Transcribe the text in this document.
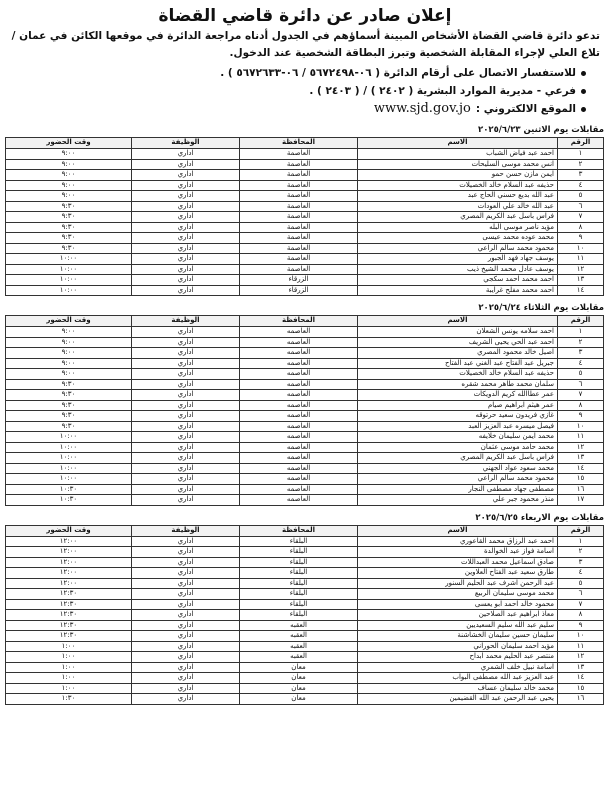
إعلان صادر عن دائرة قاضي القضاة
تدعو دائرة قاضي القضاة الأشخاص المبينة أسماؤهم في الجدول أدناه مراجعة الدائرة في موقعها الكائن في عمان / تلاع العلي لإجراء المقابلة الشخصية وتبرز البطاقة الشخصية عند الدخول.
للاستفسار الاتصال على أرقام الدائرة ( ٠٦-٥٦٧٢٤٩٨ / ٠٦-٥٦٧٢٦٣٣ ) .
فرعي - مديرية الموارد البشرية ( ٢٤٠٢ ) / ( ٢٤٠٣ ) .
الموقع الالكتروني :
www.sjd.gov.jo
مقابلات يوم الاثنين ٢٠٢٥/٦/٢٣
الرقم	الاسم	المحافظة	الوظيفة	وقت الحضور
١	احمد عبد فياض الشباب	العاصمة	اداري	٩:٠٠
٢	انس محمد موسى السليحات	العاصمة	اداري	٩:٠٠
٣	ايمن مازن حسن حمو	العاصمة	اداري	٩:٠٠
٤	حذيفه عبد السلام خالد الخصيلات	العاصمة	اداري	٩:٠٠
٥	عبد الله بديع حسني الحاج عبد	العاصمة	اداري	٩:٠٠
٦	عبد الله خالد علي العودات	العاصمة	اداري	٩:٣٠
٧	فراس باسل عبد الكريم المصري	العاصمة	اداري	٩:٣٠
٨	مؤيد ناصر موسى البله	العاصمة	اداري	٩:٣٠
٩	محمد عوده محمد عيسى	العاصمة	اداري	٩:٣٠
١٠	محمود محمد سالم الراعي	العاصمة	اداري	٩:٣٠
١١	يوسف جهاد فهد الجبور	العاصمة	اداري	١٠:٠٠
١٢	يوسف عادل محمد الشيخ ذيب	العاصمة	اداري	١٠:٠٠
١٣	احمد محمد احمد سكجي	الزرقاء	اداري	١٠:٠٠
١٤	احمد محمد مفلح غرايبة	الزرقاء	اداري	١٠:٠٠
مقابلات يوم الثلاثاء ٢٠٢٥/٦/٢٤
الرقم	الاسم	المحافظة	الوظيفة	وقت الحضور
١	احمد سلامه يونس الشعلان	العاصمه	اداري	٩:٠٠
٢	احمد عبد الحي يحيى الشريف	العاصمه	اداري	٩:٠٠
٣	اصيل خالد محمود المصري	العاصمه	اداري	٩:٠٠
٤	جبريل عبد الفتاح عبد الغني عبد الفتاح	العاصمه	اداري	٩:٠٠
٥	حذيفه عبد السلام خالد الخصيلات	العاصمه	اداري	٩:٠٠
٦	سلمان محمد طاهر محمد شقره	العاصمه	اداري	٩:٣٠
٧	عمر عطاالله كريم الدويكات	العاصمه	اداري	٩:٣٠
٨	عمر هيثم ابراهيم صيام	العاصمه	اداري	٩:٣٠
٩	غازي فريدون سعيد حرتوقه	العاصمه	اداري	٩:٣٠
١٠	فيصل ميسره عبد العزيز العبد	العاصمه	اداري	٩:٣٠
١١	محمد ايمن سليمان خلايفه	العاصمه	اداري	١٠:٠٠
١٢	محمد حامد موسى عثمان	العاصمه	اداري	١٠:٠٠
١٣	فراس باسل عبد الكريم المصري	العاصمه	اداري	١٠:٠٠
١٤	محمد سعود عواد الجهني	العاصمه	اداري	١٠:٠٠
١٥	محمود محمد سالم الراعي	العاصمه	اداري	١٠:٠٠
١٦	مصطفى جهاد مصطفى النجار	العاصمه	اداري	١٠:٣٠
١٧	منذر محمود جبر علي	العاصمه	اداري	١٠:٣٠
مقابلات يوم الاربعاء ٢٠٢٥/٦/٢٥
الرقم	الاسم	المحافظة	الوظيفة	وقت الحضور
١	احمد عبد الرزاق محمد القاعوري	البلقاء	اداري	١٢:٠٠
٢	اسامة فواز عبد الخوالدة	البلقاء	اداري	١٢:٠٠
٣	صادق اسماعيل محمد العبداللات	البلقاء	اداري	١٢:٠٠
٤	طارق سعيد عبد الفتاح العلاوين	البلقاء	اداري	١٢:٠٠
٥	عبد الرحمن اشرف عبد الحليم السنور	البلقاء	اداري	١٢:٠٠
٦	محمد موسى سليمان الربيع	البلقاء	اداري	١٢:٣٠
٧	محمود خالد احمد ابو يعسى	البلقاء	اداري	١٢:٣٠
٨	معاذ ابراهيم عبد الصلاحين	البلقاء	اداري	١٢:٣٠
٩	سليم عبد الله سليم السعيديين	العقبه	اداري	١٢:٣٠
١٠	سليمان حسين سليمان الخشاشنة	العقبه	اداري	١٢:٣٠
١١	مؤيد احمد سليمان الحوراني	العقبه	اداري	١:٠٠
١٢	منتصر عبد الحليم محمد ابداح	العقبه	اداري	١:٠٠
١٣	اسامة نبيل خلف الشمري	معان	اداري	١:٠٠
١٤	عبد العزيز عبد الله مصطفى البواب	معان	اداري	١:٠٠
١٥	محمد خالد سليمان عساف	معان	اداري	١:٠٠
١٦	يحيى عبد الرحمن عبد الله القضيمين	معان	اداري	١:٣٠
